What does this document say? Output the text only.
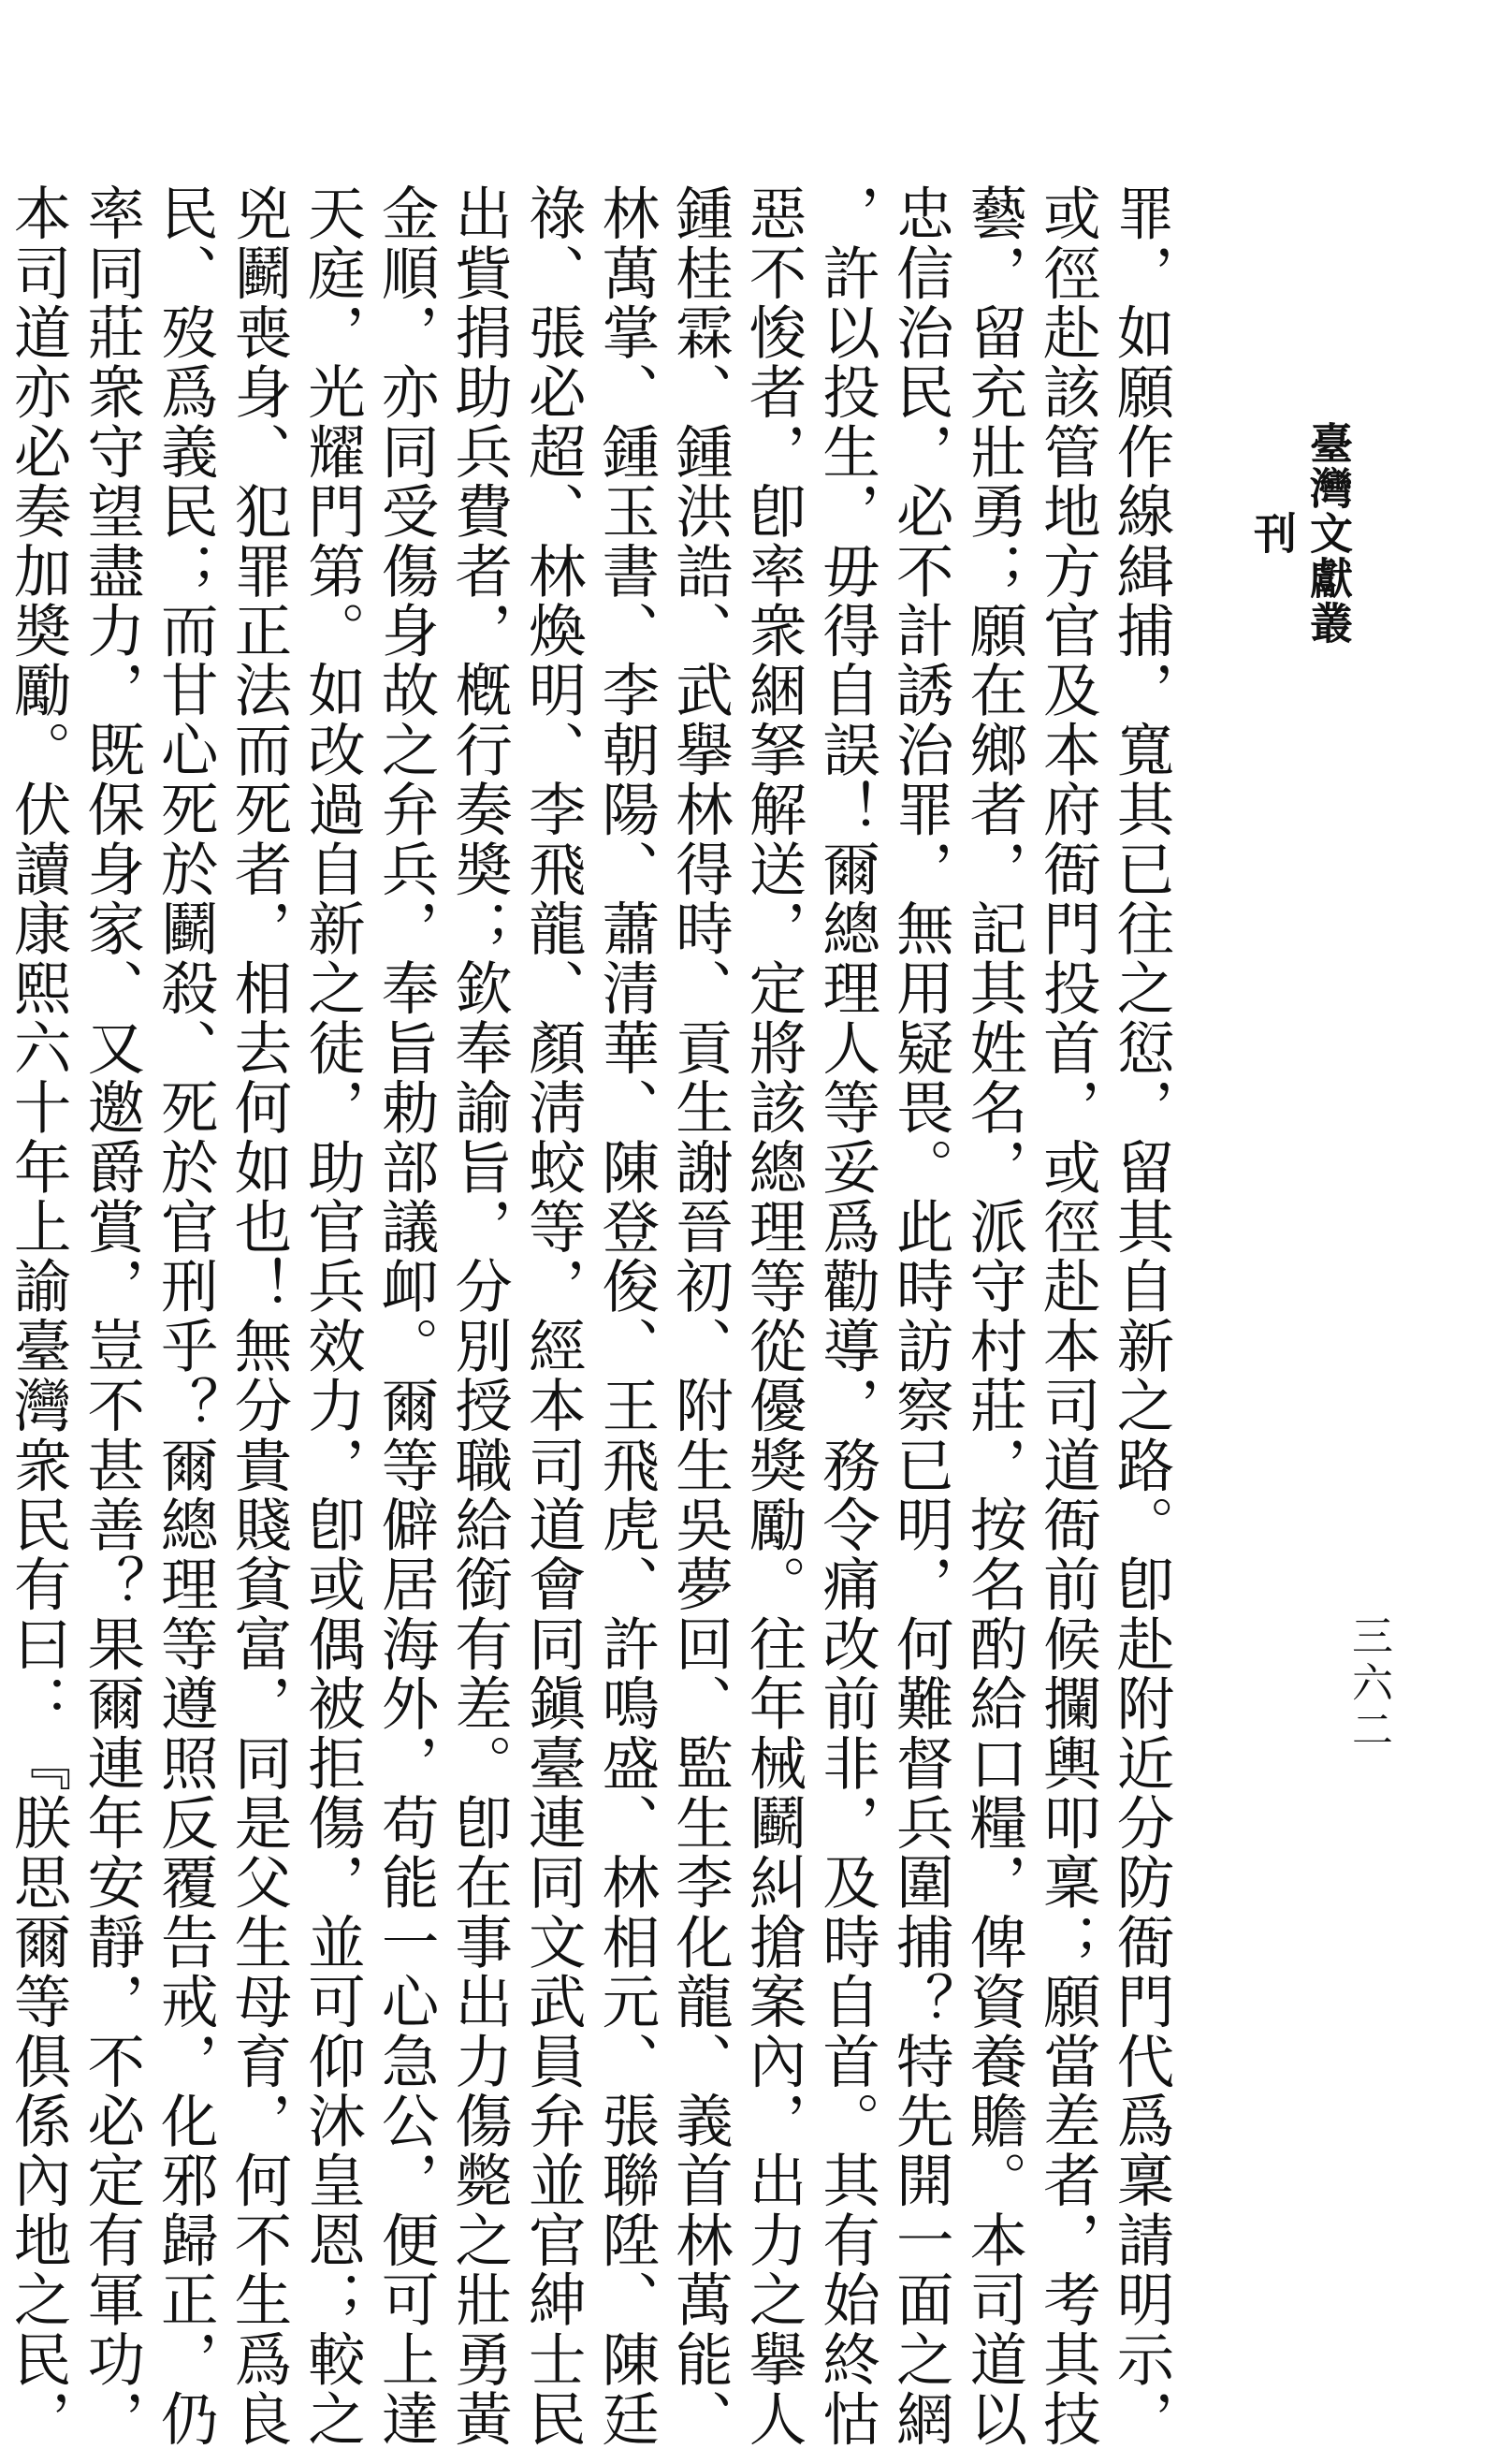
臺灣文獻叢刊
三六二
罪，如願作線緝捕，寬其已往之愆，留其自新之路。卽赴附近分防衙門代爲稟請明示，
或徑赴該管地方官及本府衙門投首，或徑赴本司道衙前候攔輿叩稟；願當差者，考其技
藝，留充壯勇；願在鄉者，記其姓名，派守村莊，按名酌給口糧，俾資養贍。本司道以
忠信治民，必不計誘治罪，無用疑畏。此時訪察已明，何難督兵圍捕？特先開一面之網
，許以投生，毋得自誤！爾總理人等妥爲勸導，務令痛改前非，及時自首。其有始終怙
惡不悛者，卽率衆綑拏解送，定將該總理等從優獎勵。往年械鬬糾搶案內，出力之擧人
鍾桂霖、鍾洪誥、武擧林得時、貢生謝晉初、附生吳夢回、監生李化龍、義首林萬能、
林萬掌、鍾玉書、李朝陽、蕭清華、陳登俊、王飛虎、許鳴盛、林相元、張聯陞、陳廷
祿、張必超、林煥明、李飛龍、顏淸蛟等，經本司道會同鎭臺連同文武員弁並官紳士民
出貲捐助兵費者，槪行奏奬；欽奉諭旨，分別授職給銜有差。卽在事出力傷斃之壯勇黃
金順，亦同受傷身故之弁兵，奉旨勅部議卹。爾等僻居海外，苟能一心急公，便可上達
天庭，光耀門第。如改過自新之徒，助官兵效力，卽或偶被拒傷，並可仰沐皇恩；較之
兇鬬喪身、犯罪正法而死者，相去何如也！無分貴賤貧富，同是父生母育，何不生爲良
民、歿爲義民；而甘心死於鬬殺、死於官刑乎？爾總理等遵照反覆告戒，化邪歸正，仍
率同莊衆守望盡力，既保身家、又邀爵賞，豈不甚善？果爾連年安靜，不必定有軍功，
本司道亦必奏加奬勵。伏讀康熙六十年上諭臺灣衆民有曰：『朕思爾等俱係內地之民，
